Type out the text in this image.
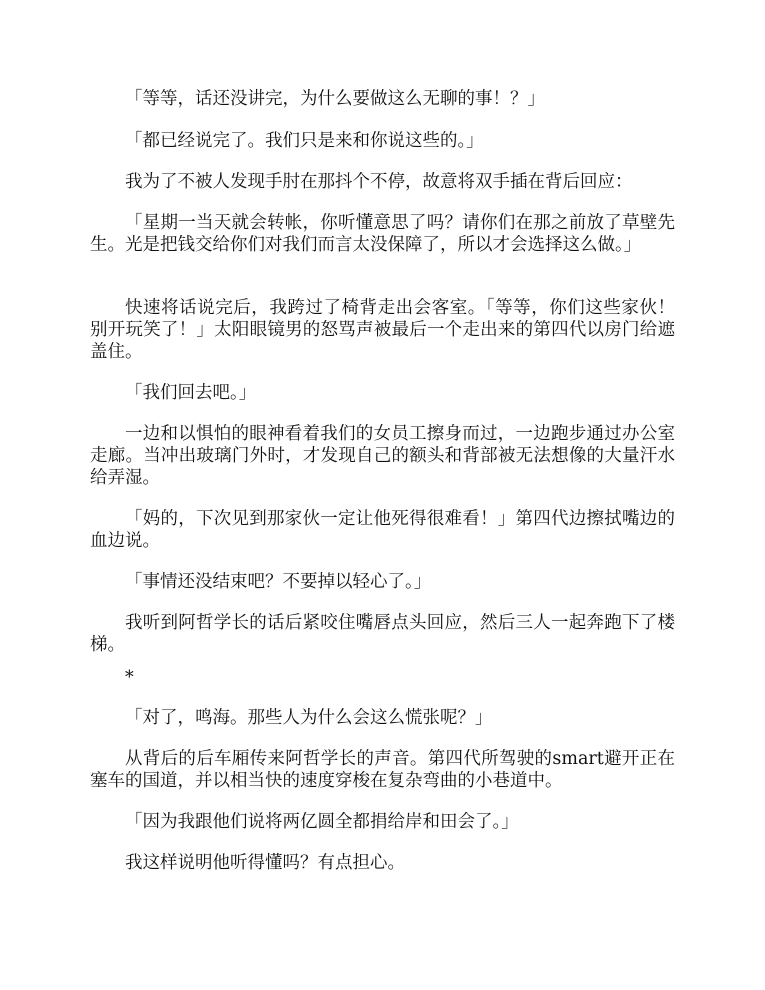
「等等，话还没讲完，为什么要做这么无聊的事！？」

「都已经说完了。我们只是来和你说这些的。」

我为了不被人发现手肘在那抖个不停，故意将双手插在背后回应：

「星期一当天就会转帐，你听懂意思了吗？请你们在那之前放了草壁先生。光是把钱交给你们对我们而言太没保障了，所以才会选择这么做。」

快速将话说完后，我跨过了椅背走出会客室。「等等，你们这些家伙！别开玩笑了！」太阳眼镜男的怒骂声被最后一个走出来的第四代以房门给遮盖住。

「我们回去吧。」

一边和以惧怕的眼神看着我们的女员工擦身而过，一边跑步通过办公室走廊。当冲出玻璃门外时，才发现自己的额头和背部被无法想像的大量汗水给弄湿。

「妈的，下次见到那家伙一定让他死得很难看！」第四代边擦拭嘴边的血边说。

「事情还没结束吧？不要掉以轻心了。」

我听到阿哲学长的话后紧咬住嘴唇点头回应，然后三人一起奔跑下了楼梯。

*

「对了，鸣海。那些人为什么会这么慌张呢？」

从背后的后车厢传来阿哲学长的声音。第四代所驾驶的smart避开正在塞车的国道，并以相当快的速度穿梭在复杂弯曲的小巷道中。

「因为我跟他们说将两亿圆全都捐给岸和田会了。」

我这样说明他听得懂吗？有点担心。
